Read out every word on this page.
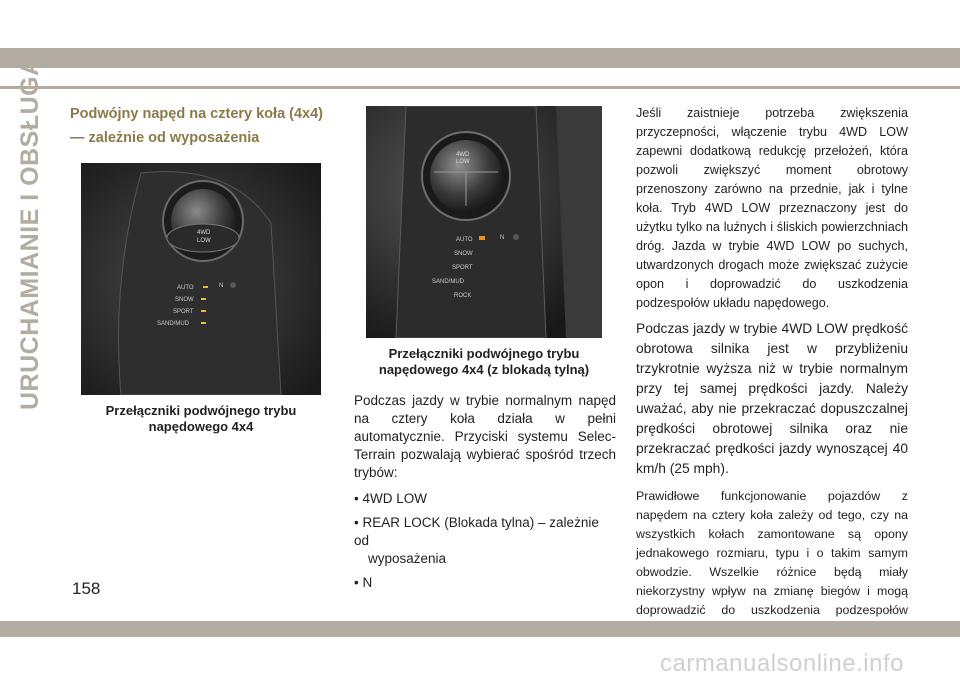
URUCHAMIANIE I OBSŁUGA Podwójny napęd na cztery koła (4x4) — zależnie od wyposażenia
4WD
LOW
AUTO
SNOW
SPORT
SAND/MUD
N
Przełączniki podwójnego trybu napędowego 4x4
4WD
LOW
AUTO
SNOW
SPORT
SAND/MUD
ROCK
N
Przełączniki podwójnego trybu napędowego 4x4 (z blokadą tylną)

Podczas jazdy w trybie normalnym napęd na cztery koła działa w pełni automatycznie. Przyciski systemu Selec-Terrain pozwalają wybierać spośród trzech trybów:

• 4WD LOW
• REAR LOCK (Blokada tylna) – zależnie od
wyposażenia
• N

Jeśli zaistnieje potrzeba zwiększenia przyczepności, włączenie trybu 4WD LOW zapewni dodatkową redukcję przełożeń, która pozwoli zwiększyć moment obrotowy przenoszony zarówno na przednie, jak i tylne koła. Tryb 4WD LOW przeznaczony jest do użytku tylko na luźnych i śliskich powierzchniach dróg. Jazda w trybie 4WD LOW po suchych, utwardzonych drogach może zwiększać zużycie opon i doprowadzić do uszkodzenia podzespołów układu napędowego.

Podczas jazdy w trybie 4WD LOW prędkość obrotowa silnika jest w przybliżeniu trzykrotnie wyższa niż w trybie normalnym przy tej samej prędkości jazdy. Należy uważać, aby nie przekraczać dopuszczalnej prędkości obrotowej silnika oraz nie przekraczać prędkości jazdy wynoszącej 40 km/h (25 mph).

Prawidłowe funkcjonowanie pojazdów z napędem na cztery koła zależy od tego, czy na wszystkich kołach zamontowane są opony jednakowego rozmiaru, typu i o takim samym obwodzie. Wszelkie różnice będą miały niekorzystny wpływ na zmianę biegów i mogą doprowadzić do uszkodzenia podzespołów

158
carmanualsonline.info
